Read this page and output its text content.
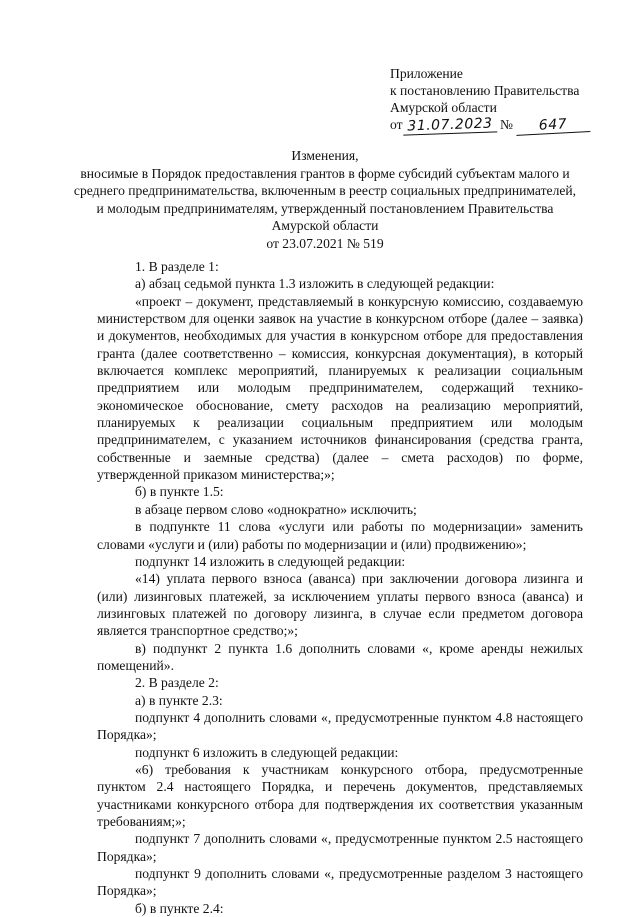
Приложение
к постановлению Правительства
Амурской области
от 31.07.2023 № 647
Изменения,
вносимые в Порядок предоставления грантов в форме субсидий субъектам малого и
среднего предпринимательства, включенным в реестр социальных предпринимателей,
и молодым предпринимателям, утвержденный постановлением Правительства
Амурской области
от 23.07.2021 № 519

1. В разделе 1:

а) абзац седьмой пункта 1.3 изложить в следующей редакции:

«проект – документ, представляемый в конкурсную комиссию, создаваемую министерством для оценки заявок на участие в конкурсном отборе (далее – заявка) и документов, необходимых для участия в конкурсном отборе для предоставления гранта (далее соответственно – комиссия, конкурсная документация), в который включается комплекс мероприятий, планируемых к реализации социальным предприятием или молодым предпринимателем, содержащий технико-экономическое обоснование, смету расходов на реализацию мероприятий, планируемых к реализации социальным предприятием или молодым предпринимателем, с указанием источников финансирования (средства гранта, собственные и заемные средства) (далее – смета расходов) по форме, утвержденной приказом министерства;»;

б) в пункте 1.5:

в абзаце первом слово «однократно» исключить;

в подпункте 11 слова «услуги или работы по модернизации» заменить словами «услуги и (или) работы по модернизации и (или) продвижению»;

подпункт 14 изложить в следующей редакции:

«14) уплата первого взноса (аванса) при заключении договора лизинга и (или) лизинговых платежей, за исключением уплаты первого взноса (аванса) и лизинговых платежей по договору лизинга, в случае если предметом договора является транспортное средство;»;

в) подпункт 2 пункта 1.6 дополнить словами «, кроме аренды нежилых помещений».

2. В разделе 2:

а) в пункте 2.3:

подпункт 4 дополнить словами «, предусмотренные пунктом 4.8 настоящего Порядка»;

подпункт 6 изложить в следующей редакции:

«6) требования к участникам конкурсного отбора, предусмотренные пунктом 2.4 настоящего Порядка, и перечень документов, представляемых участниками конкурсного отбора для подтверждения их соответствия указанным требованиям;»;

подпункт 7 дополнить словами «, предусмотренные пунктом 2.5 настоящего Порядка»;

подпункт 9 дополнить словами «, предусмотренные разделом 3 настоящего Порядка»;

б) в пункте 2.4:
